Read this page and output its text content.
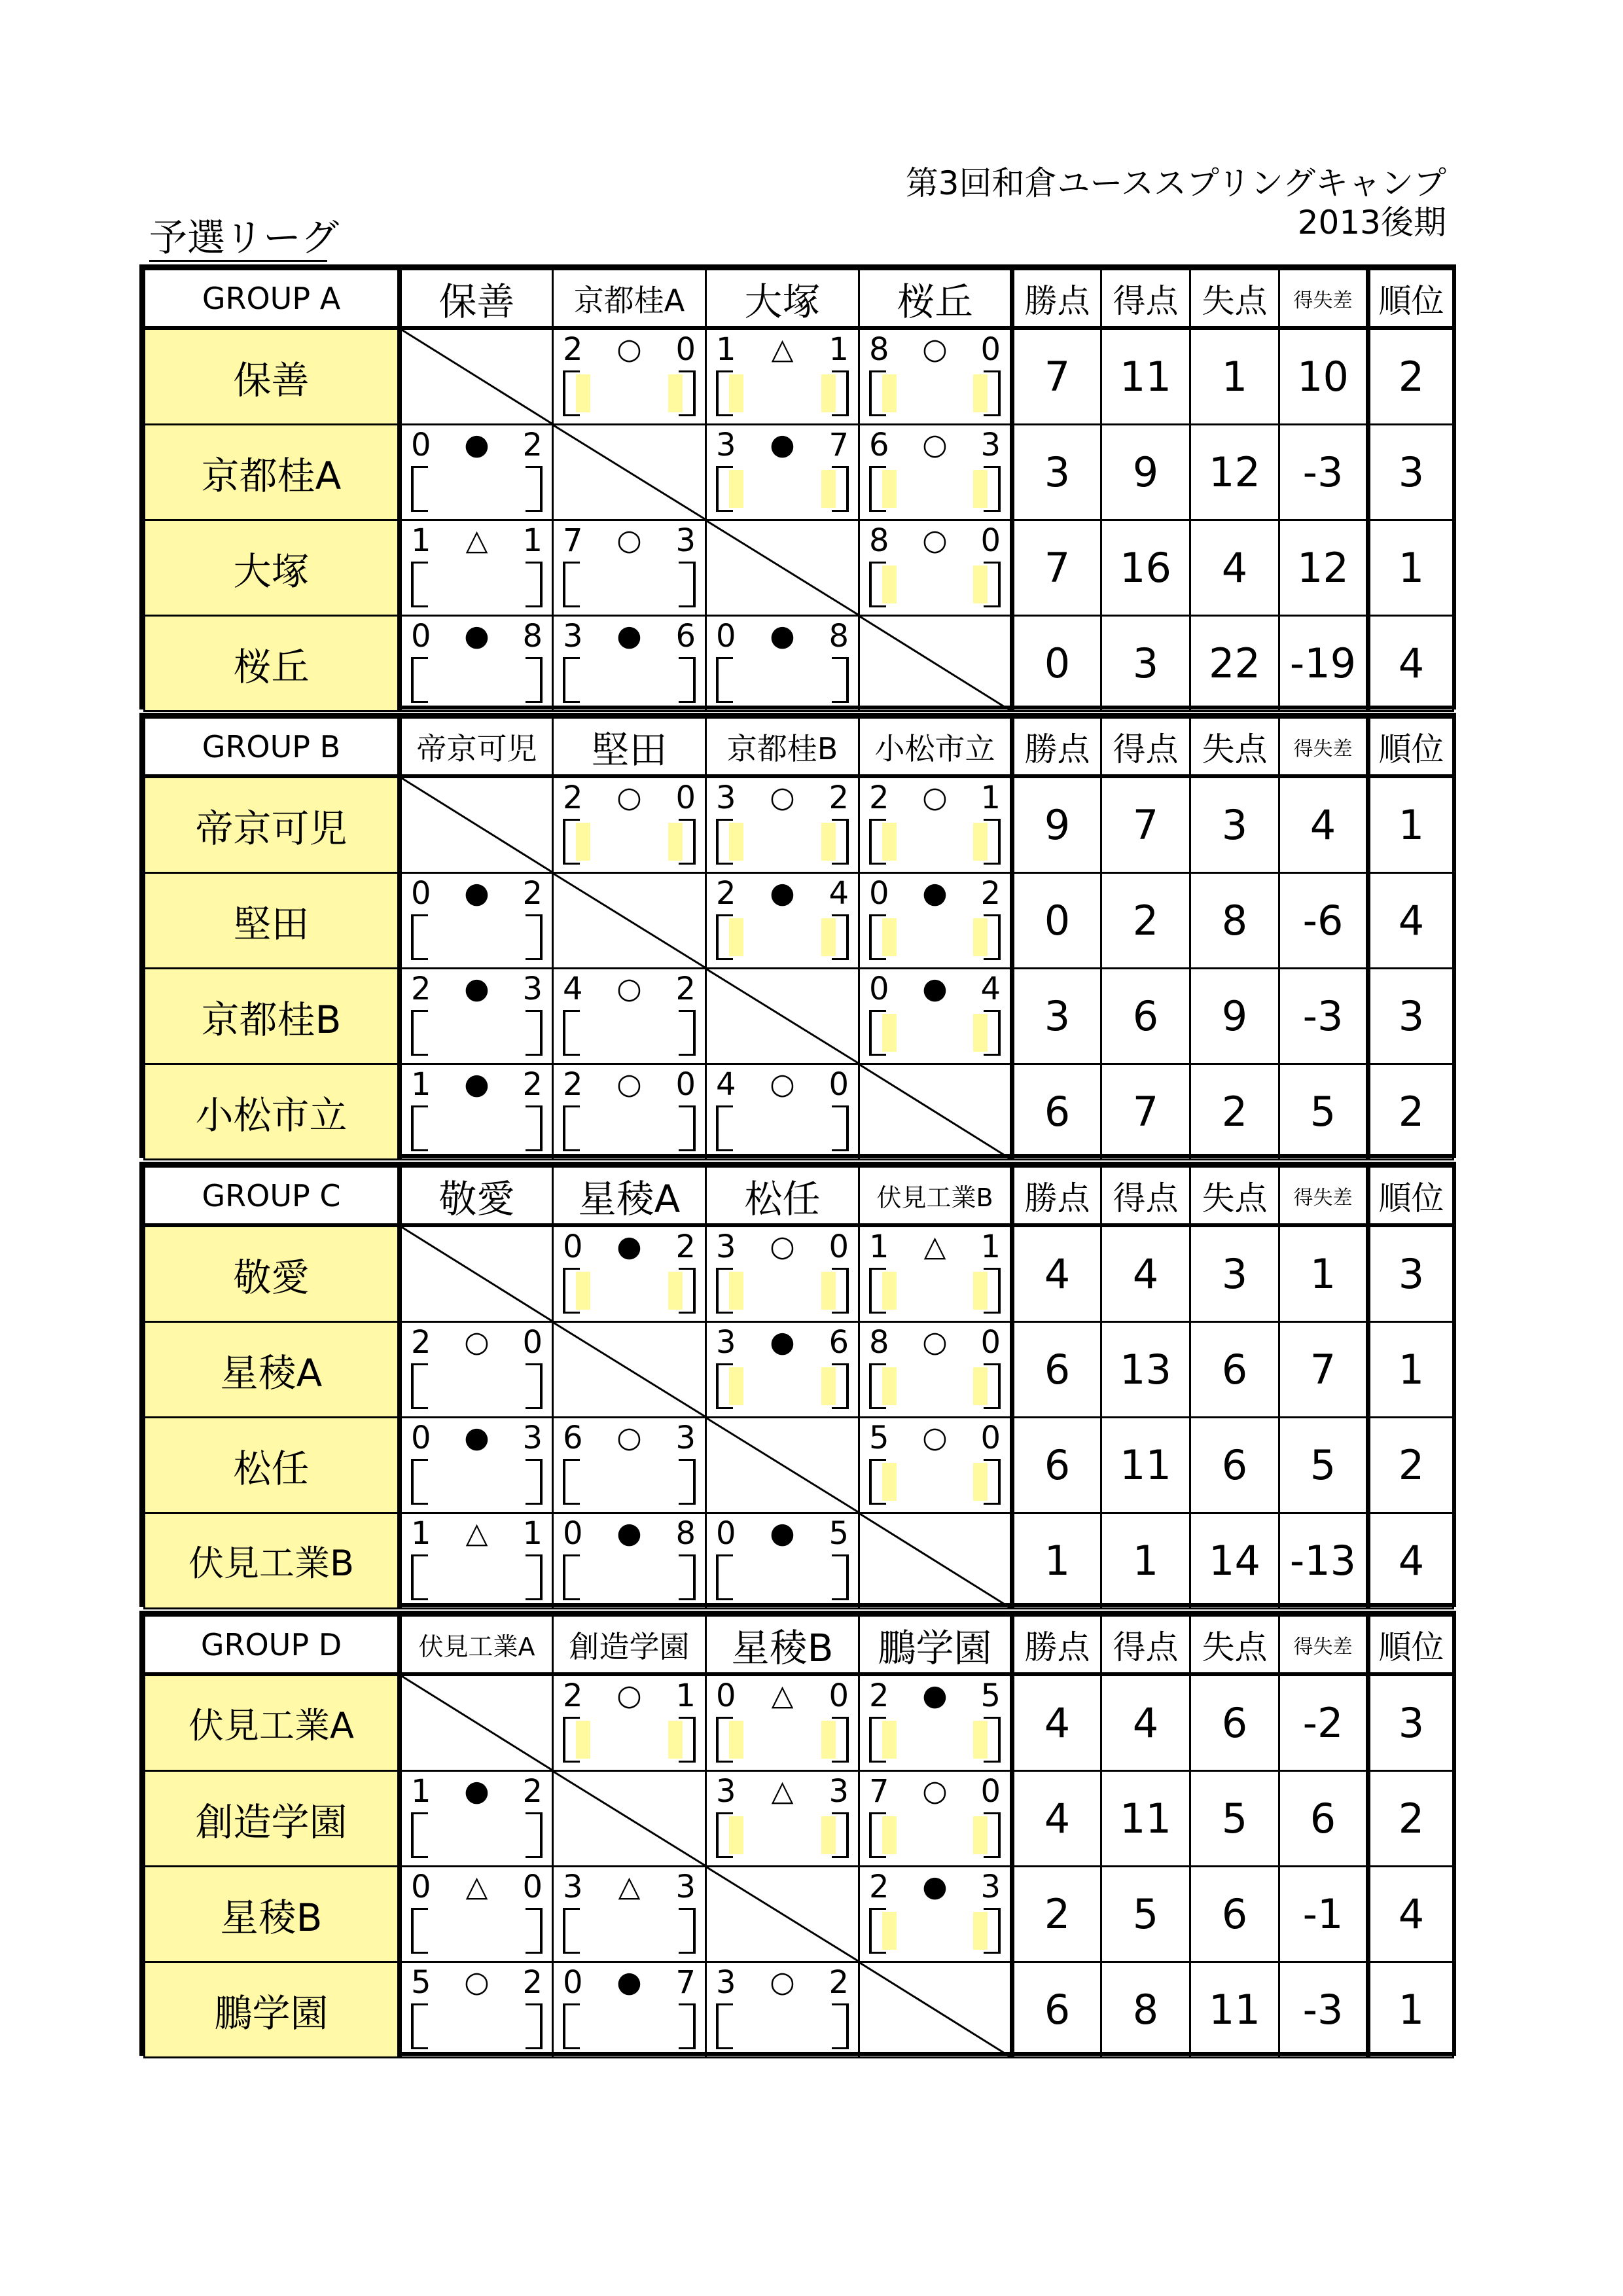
第3回和倉ユーススプリングキャンプ2013後期
予選リーグ
GROUP A	保善	京都桂A	大塚	桜丘	勝点	得点	失点	得失差	順位
保善		2 ○ 0	1 △ 1	8 ○ 0	7	11	1	10	2
京都桂A	0 ● 2		3 ● 7	6 ○ 3	3	9	12	-3	3
大塚	1 △ 1	7 ○ 3		8 ○ 0	7	16	4	12	1
桜丘	0 ● 8	3 ● 6	0 ● 8		0	3	22	-19	4
GROUP B	帝京可児	堅田	京都桂B	小松市立	勝点	得点	失点	得失差	順位
帝京可児		2 ○ 0	3 ○ 2	2 ○ 1	9	7	3	4	1
堅田	0 ● 2		2 ● 4	0 ● 2	0	2	8	-6	4
京都桂B	2 ● 3	4 ○ 2		0 ● 4	3	6	9	-3	3
小松市立	1 ● 2	2 ○ 0	4 ○ 0		6	7	2	5	2
GROUP C	敬愛	星稜A	松任	伏見工業B	勝点	得点	失点	得失差	順位
敬愛		0 ● 2	3 ○ 0	1 △ 1	4	4	3	1	3
星稜A	2 ○ 0		3 ● 6	8 ○ 0	6	13	6	7	1
松任	0 ● 3	6 ○ 3		5 ○ 0	6	11	6	5	2
伏見工業B	1 △ 1	0 ● 8	0 ● 5		1	1	14	-13	4
GROUP D	伏見工業A	創造学園	星稜B	鵬学園	勝点	得点	失点	得失差	順位
伏見工業A		2 ○ 1	0 △ 0	2 ● 5	4	4	6	-2	3
創造学園	1 ● 2		3 △ 3	7 ○ 0	4	11	5	6	2
星稜B	0 △ 0	3 △ 3		2 ● 3	2	5	6	-1	4
鵬学園	5 ○ 2	0 ● 7	3 ○ 2		6	8	11	-3	1
